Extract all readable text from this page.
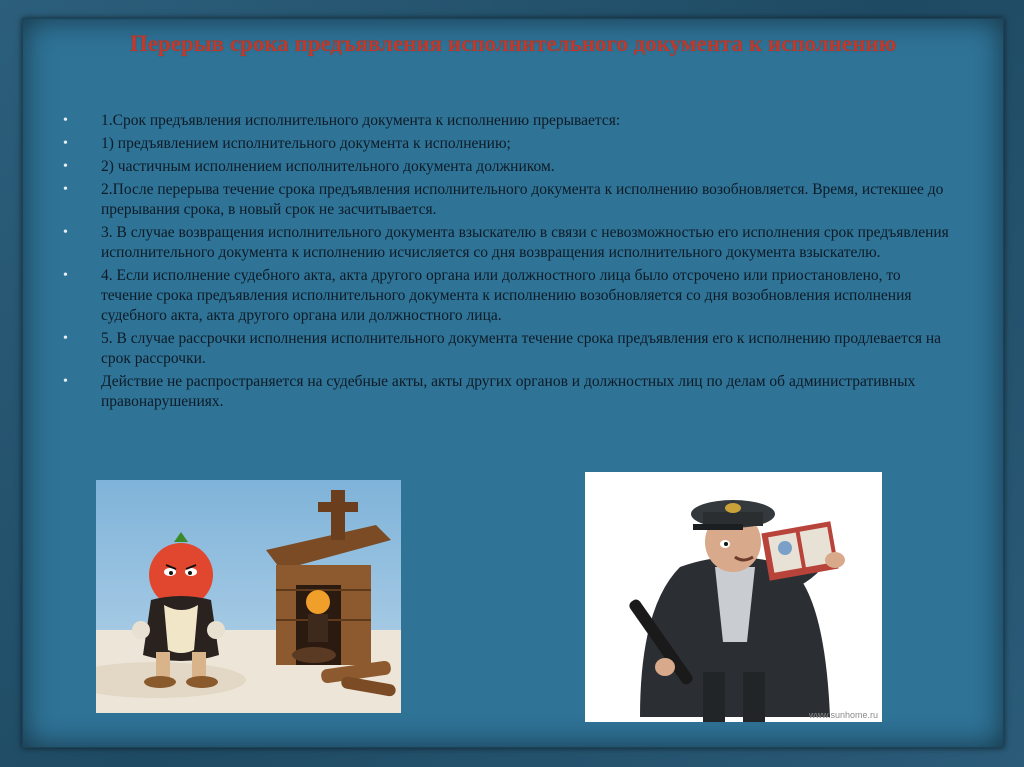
Перерыв срока предъявления исполнительного документа к исполнению
• 1.Срок предъявления исполнительного документа к исполнению прерывается:
• 1) предъявлением исполнительного документа к исполнению;
• 2) частичным исполнением исполнительного документа должником.
• 2.После перерыва течение срока предъявления исполнительного документа к исполнению возобновляется. Время, истекшее до прерывания срока, в новый срок не засчитывается.
• 3. В случае возвращения исполнительного документа взыскателю в связи с невозможностью его исполнения срок предъявления исполнительного документа к исполнению исчисляется со дня возвращения исполнительного документа взыскателю.
• 4. Если исполнение судебного акта, акта другого органа или должностного лица было отсрочено или приостановлено, то течение срока предъявления исполнительного документа к исполнению возобновляется со дня возобновления исполнения судебного акта, акта другого органа или должностного лица.
• 5. В случае рассрочки исполнения исполнительного документа течение срока предъявления его к исполнению продлевается на срок рассрочки.
• Действие не распространяется на судебные акты, акты других органов и должностных лиц по делам об административных правонарушениях.
www.sunhome.ru
